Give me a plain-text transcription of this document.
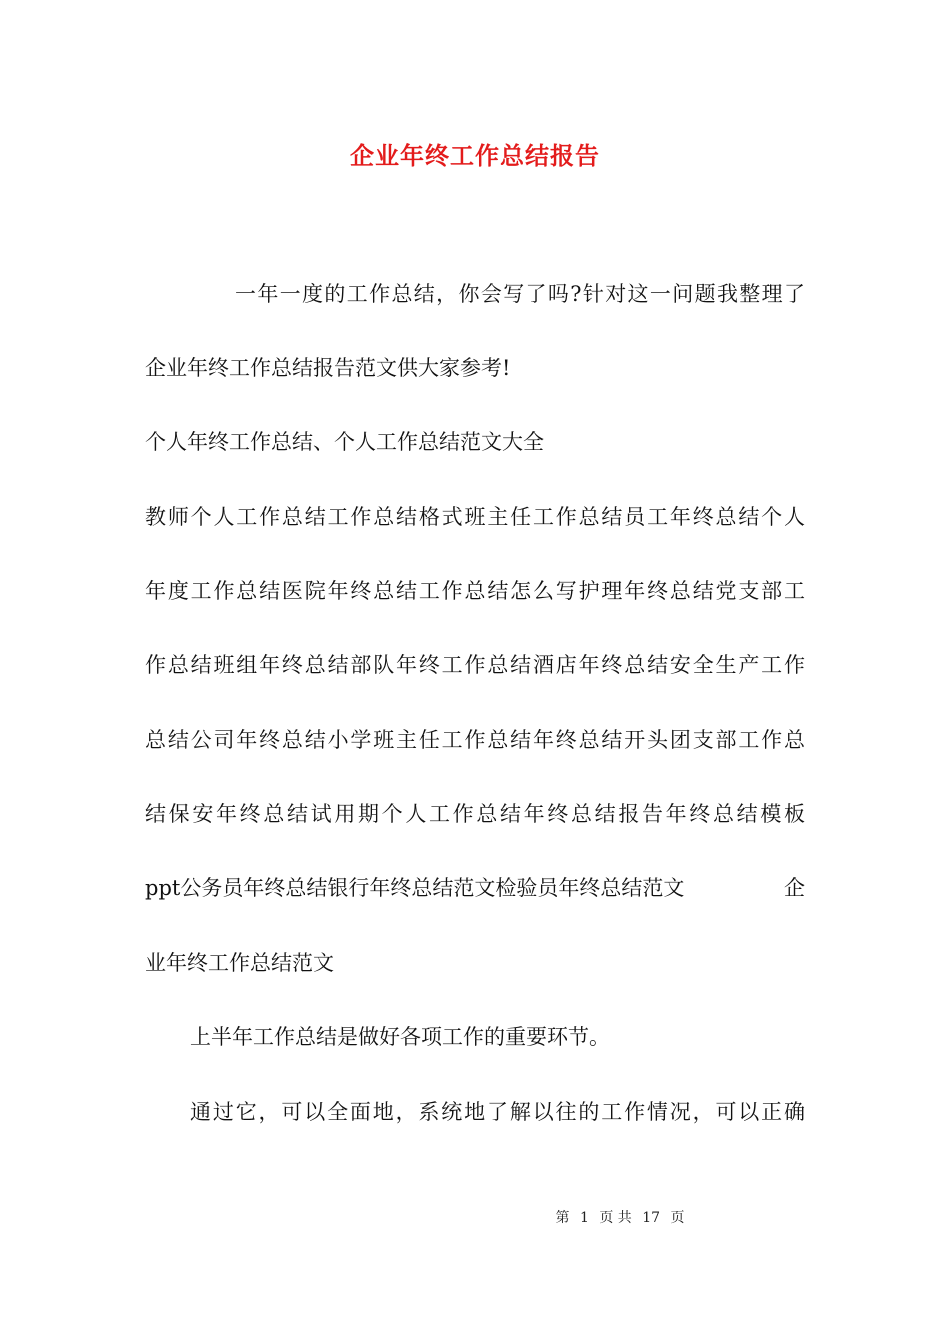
企业年终工作总结报告
一年一度的工作总结，你会写了吗?针对这一问题我整理了
企业年终工作总结报告范文供大家参考!
个人年终工作总结、个人工作总结范文大全
教师个人工作总结工作总结格式班主任工作总结员工年终总结个人
年度工作总结医院年终总结工作总结怎么写护理年终总结党支部工
作总结班组年终总结部队年终工作总结酒店年终总结安全生产工作
总结公司年终总结小学班主任工作总结年终总结开头团支部工作总
结保安年终总结试用期个人工作总结年终总结报告年终总结模板
ppt公务员年终总结银行年终总结范文检验员年终总结范文	企
业年终工作总结范文
上半年工作总结是做好各项工作的重要环节。
通过它，可以全面地，系统地了解以往的工作情况，可以正确
第 1 页 共 17 页
